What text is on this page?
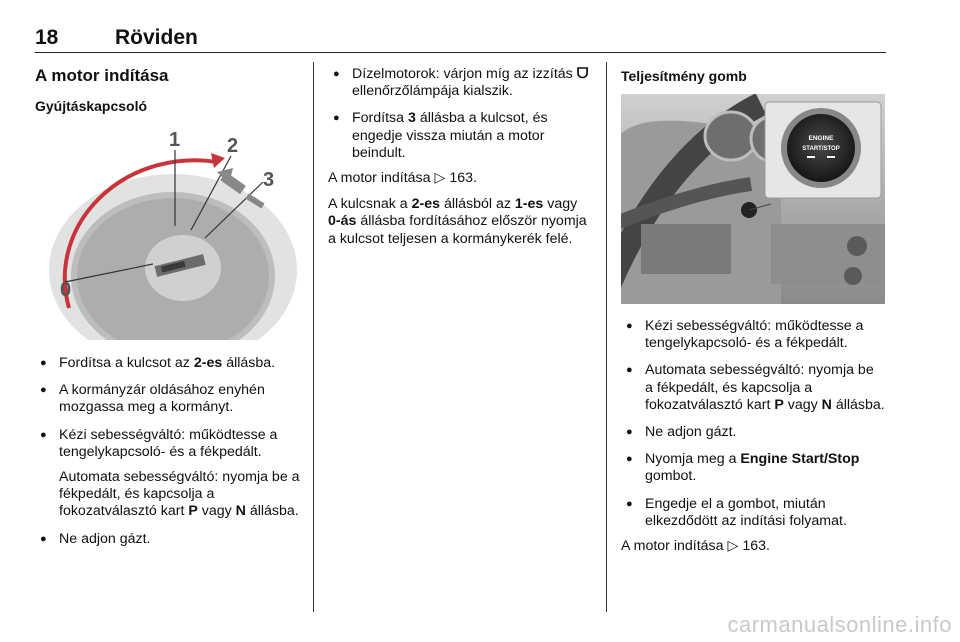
18	Röviden
A motor indítása
Gyújtáskapcsoló
0
1 2
3
● Fordítsa a kulcsot az 2-es állásba.
● A kormányzár oldásához enyhén mozgassa meg a kormányt.
● Kézi sebességváltó: működtesse a tengelykapcsoló- és a fékpedált.
Automata sebességváltó: nyomja be a fékpedált, és kapcsolja a fokozatválasztó kart P vagy N állásba.
● Ne adjon gázt.
● Dízelmotorok: várjon míg az izzítás ᗜ ellenőrzőlámpája kialszik.
● Fordítsa 3 állásba a kulcsot, és engedje vissza miután a motor beindult.

A motor indítása ▷ 163.

A kulcsnak a 2-es állásból az 1-es vagy 0-ás állásba fordításához először nyomja a kulcsot teljesen a kormánykerék felé.

Teljesítmény gomb
ENGINE
START/STOP
● Kézi sebességváltó: működtesse a tengelykapcsoló- és a fékpedált.
● Automata sebességváltó: nyomja be a fékpedált, és kapcsolja a fokozatválasztó kart P vagy N állásba.
● Ne adjon gázt.
● Nyomja meg a Engine Start/Stop gombot.
● Engedje el a gombot, miután elkezdődött az indítási folyamat.

A motor indítása ▷ 163.

carmanualsonline.info
